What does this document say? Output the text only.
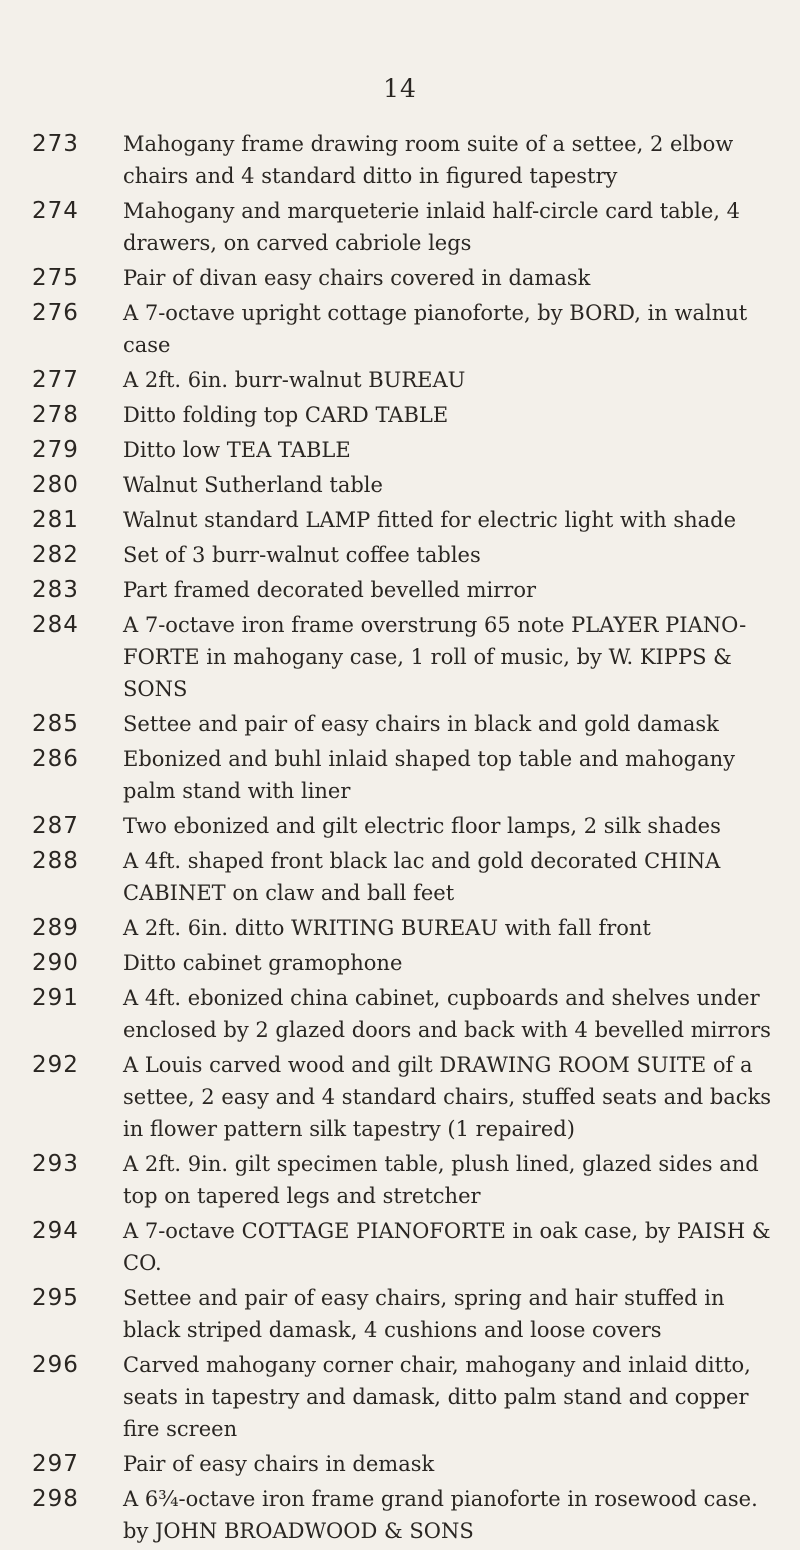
14
273 Mahogany frame drawing room suite of a settee, 2 elbow chairs and 4 standard ditto in figured tapestry
274 Mahogany and marqueterie inlaid half-circle card table, 4 drawers, on carved cabriole legs
275 Pair of divan easy chairs covered in damask
276 A 7-octave upright cottage pianoforte, by BORD, in walnut case
277 A 2ft. 6in. burr-walnut BUREAU
278 Ditto folding top CARD TABLE
279 Ditto low TEA TABLE
280 Walnut Sutherland table
281 Walnut standard LAMP fitted for electric light with shade
282 Set of 3 burr-walnut coffee tables
283 Part framed decorated bevelled mirror
284 A 7-octave iron frame overstrung 65 note PLAYER PIANO-FORTE in mahogany case, 1 roll of music, by W. KIPPS & SONS
285 Settee and pair of easy chairs in black and gold damask
286 Ebonized and buhl inlaid shaped top table and mahogany palm stand with liner
287 Two ebonized and gilt electric floor lamps, 2 silk shades
288 A 4ft. shaped front black lac and gold decorated CHINA CABINET on claw and ball feet
289 A 2ft. 6in. ditto WRITING BUREAU with fall front
290 Ditto cabinet gramophone
291 A 4ft. ebonized china cabinet, cupboards and shelves under enclosed by 2 glazed doors and back with 4 bevelled mirrors
292 A Louis carved wood and gilt DRAWING ROOM SUITE of a settee, 2 easy and 4 standard chairs, stuffed seats and backs in flower pattern silk tapestry (1 repaired)
293 A 2ft. 9in. gilt specimen table, plush lined, glazed sides and top on tapered legs and stretcher
294 A 7-octave COTTAGE PIANOFORTE in oak case, by PAISH & CO.
295 Settee and pair of easy chairs, spring and hair stuffed in black striped damask, 4 cushions and loose covers
296 Carved mahogany corner chair, mahogany and inlaid ditto, seats in tapestry and damask, ditto palm stand and copper fire screen
297 Pair of easy chairs in demask
298 A 6¾-octave iron frame grand pianoforte in rosewood case. by JOHN BROADWOOD & SONS
